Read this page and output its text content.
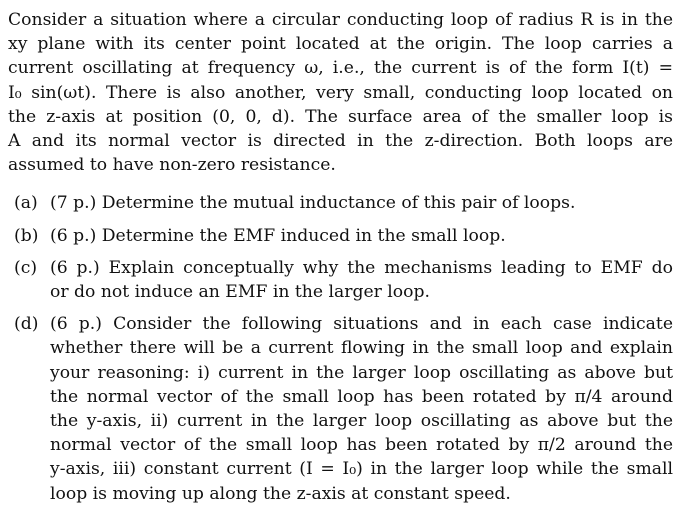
Consider a situation where a circular conducting loop of radius R is in the
xy plane with its center point located at the origin. The loop carries a
current oscillating at frequency ω, i.e., the current is of the form I(t) =
I₀ sin(ωt). There is also another, very small, conducting loop located on
the z-axis at position (0, 0, d). The surface area of the smaller loop is
A and its normal vector is directed in the z-direction. Both loops are
assumed to have non-zero resistance.
(a) (7 p.) Determine the mutual inductance of this pair of loops.
(b) (6 p.) Determine the EMF induced in the small loop.
(c) (6 p.) Explain conceptually why the mechanisms leading to EMF do
or do not induce an EMF in the larger loop.
(d) (6 p.) Consider the following situations and in each case indicate
whether there will be a current flowing in the small loop and explain
your reasoning: i) current in the larger loop oscillating as above but
the normal vector of the small loop has been rotated by π/4 around
the y-axis, ii) current in the larger loop oscillating as above but the
normal vector of the small loop has been rotated by π/2 around the
y-axis, iii) constant current (I = I₀) in the larger loop while the small
loop is moving up along the z-axis at constant speed.
